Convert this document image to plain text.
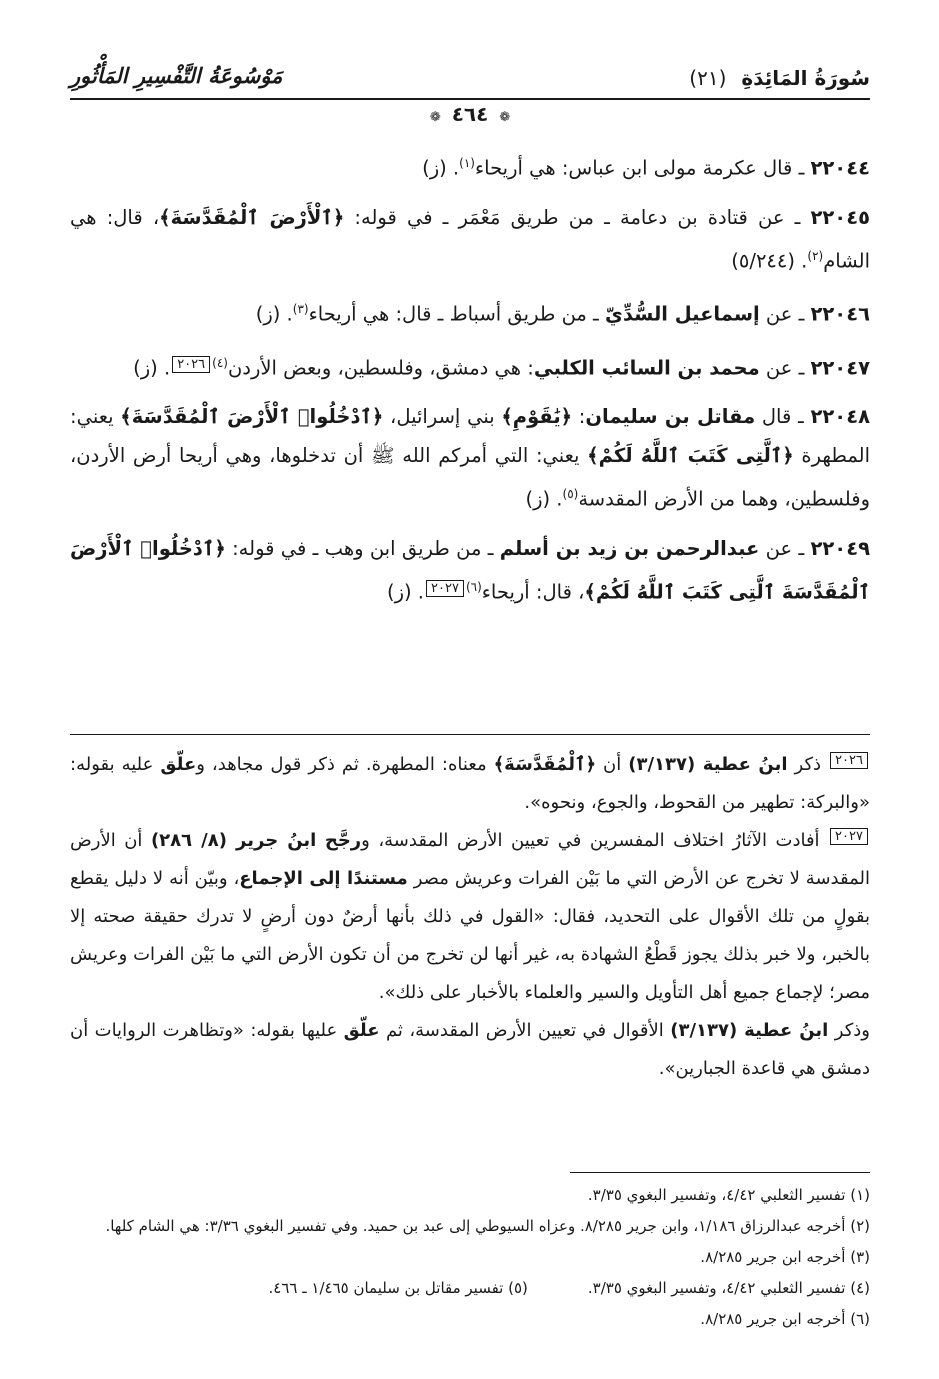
سُورَةُ المَائِدَةِ (٢١)
مَوْسُوعَةُ التَّفْسِيرِ المَأْثُورِ
❁ ٤٦٤ ❁
٢٢٠٤٤ ـ قال عكرمة مولى ابن عباس: هي أريحاء$^{(١)}$. (ز)
٢٢٠٤٥ ـ عن قتادة بن دعامة ـ من طريق مَعْمَر ـ في قوله: ﴿ٱلْأَرْضَ ٱلْمُقَدَّسَةَ﴾، قال: هي الشام$^{(٢)}$. (٥/٢٤٤)
٢٢٠٤٦ ـ عن إسماعيل السُّدِّيّ ـ من طريق أسباط ـ قال: هي أريحاء$^{(٣)}$. (ز)
٢٢٠٤٧ ـ عن محمد بن السائب الكلبي: هي دمشق، وفلسطين، وبعض الأردن$^{(٤)}$٢٠٢٦. (ز)
٢٢٠٤٨ ـ قال مقاتل بن سليمان: ﴿يَٰقَوْمِ﴾ بني إسرائيل، ﴿ٱدْخُلُوا۟ ٱلْأَرْضَ ٱلْمُقَدَّسَةَ﴾ يعني: المطهرة ﴿ٱلَّتِى كَتَبَ ٱللَّهُ لَكُمْ﴾ يعني: التي أمركم الله ﷺ أن تدخلوها، وهي أريحا أرض الأردن، وفلسطين، وهما من الأرض المقدسة$^{(٥)}$. (ز)
٢٢٠٤٩ ـ عن عبدالرحمن بن زيد بن أسلم ـ من طريق ابن وهب ـ في قوله: ﴿ٱدْخُلُوا۟ ٱلْأَرْضَ ٱلْمُقَدَّسَةَ ٱلَّتِى كَتَبَ ٱللَّهُ لَكُمْ﴾، قال: أريحاء$^{(٦)}$٢٠٢٧. (ز)

٢٠٢٦ ذكر ابنُ عطية (٣/١٣٧) أن ﴿ٱلْمُقَدَّسَةَ﴾ معناه: المطهرة. ثم ذكر قول مجاهد، وعلّق عليه بقوله: «والبركة: تطهير من القحوط، والجوع، ونحوه».

٢٠٢٧ أفادت الآثارُ اختلاف المفسرين في تعيين الأرض المقدسة، ورجَّح ابنُ جرير (٨/ ٢٨٦) أن الأرض المقدسة لا تخرج عن الأرض التي ما بَيْن الفرات وعريش مصر مستندًا إلى الإجماع، وبيّن أنه لا دليل يقطع بقولٍ من تلك الأقوال على التحديد، فقال: «القول في ذلك بأنها أرضٌ دون أرضٍ لا تدرك حقيقة صحته إلا بالخبر، ولا خبر بذلك يجوز قَطْعُ الشهادة به، غير أنها لن تخرج من أن تكون الأرض التي ما بَيْن الفرات وعريش مصر؛ لإجماع جميع أهل التأويل والسير والعلماء بالأخبار على ذلك».

وذكر ابنُ عطية (٣/١٣٧) الأقوال في تعيين الأرض المقدسة، ثم علّق عليها بقوله: «وتظاهرت الروايات أن دمشق هي قاعدة الجبارين».

(١) تفسير الثعلبي ٤/٤٢، وتفسير البغوي ٣/٣٥.

(٢) أخرجه عبدالرزاق ١/١٨٦، وابن جرير ٨/٢٨٥. وعزاه السيوطي إلى عبد بن حميد. وفي تفسير البغوي ٣/٣٦: هي الشام كلها.

(٣) أخرجه ابن جرير ٨/٢٨٥.

(٤) تفسير الثعلبي ٤/٤٢، وتفسير البغوي ٣/٣٥.
(٥) تفسير مقاتل بن سليمان ١/٤٦٥ ـ ٤٦٦.

(٦) أخرجه ابن جرير ٨/٢٨٥.
